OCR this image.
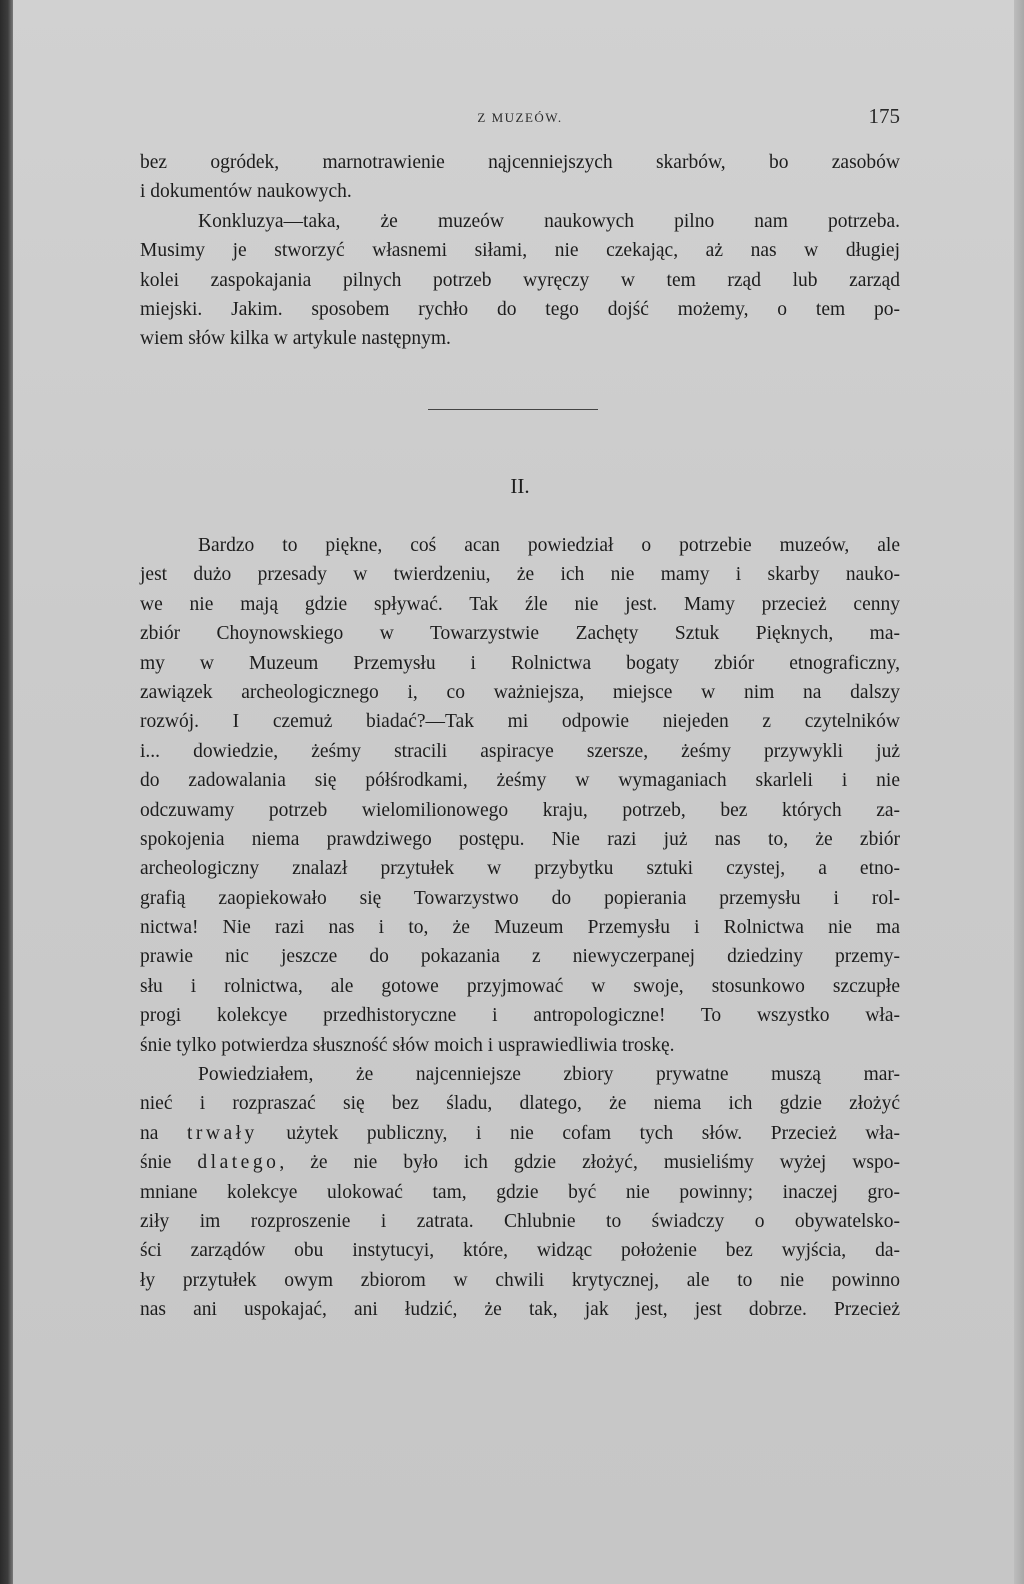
Z MUZEÓW.	175
bez ogródek, marnotrawienie nąjcenniejszych skarbów, bo zasobów
i dokumentów naukowych.
Konkluzya—taka, że muzeów naukowych pilno nam potrzeba.
Musimy je stworzyć własnemi siłami, nie czekając, aż nas w długiej
kolei zaspokajania pilnych potrzeb wyręczy w tem rząd lub zarząd
miejski. Jakim. sposobem rychło do tego dojść możemy, o tem po-
wiem słów kilka w artykule następnym.
II.
Bardzo to piękne, coś acan powiedział o potrzebie muzeów, ale
jest dużo przesady w twierdzeniu, że ich nie mamy i skarby nauko-
we nie mają gdzie spływać. Tak źle nie jest. Mamy przecież cenny
zbiór Choynowskiego w Towarzystwie Zachęty Sztuk Pięknych, ma-
my w Muzeum Przemysłu i Rolnictwa bogaty zbiór etnograficzny,
zawiązek archeologicznego i, co ważniejsza, miejsce w nim na dalszy
rozwój. I czemuż biadać?—Tak mi odpowie niejeden z czytelników
i... dowiedzie, żeśmy stracili aspiracye szersze, żeśmy przywykli już
do zadowalania się półśrodkami, żeśmy w wymaganiach skarleli i nie
odczuwamy potrzeb wielomilionowego kraju, potrzeb, bez których za-
spokojenia niema prawdziwego postępu. Nie razi już nas to, że zbiór
archeologiczny znalazł przytułek w przybytku sztuki czystej, a etno-
grafią zaopiekowało się Towarzystwo do popierania przemysłu i rol-
nictwa! Nie razi nas i to, że Muzeum Przemysłu i Rolnictwa nie ma
prawie nic jeszcze do pokazania z niewyczerpanej dziedziny przemy-
słu i rolnictwa, ale gotowe przyjmować w swoje, stosunkowo szczupłe
progi kolekcye przedhistoryczne i antropologiczne! To wszystko wła-
śnie tylko potwierdza słuszność słów moich i usprawiedliwia troskę.
Powiedziałem, że najcenniejsze zbiory prywatne muszą mar-
nieć i rozpraszać się bez śladu, dlatego, że niema ich gdzie złożyć
na trwały użytek publiczny, i nie cofam tych słów. Przecież wła-
śnie dlatego, że nie było ich gdzie złożyć, musieliśmy wyżej wspo-
mniane kolekcye ulokować tam, gdzie być nie powinny; inaczej gro-
ziły im rozproszenie i zatrata. Chlubnie to świadczy o obywatelsko-
ści zarządów obu instytucyi, które, widząc położenie bez wyjścia, da-
ły przytułek owym zbiorom w chwili krytycznej, ale to nie powinno
nas ani uspokajać, ani łudzić, że tak, jak jest, jest dobrze. Przecież
